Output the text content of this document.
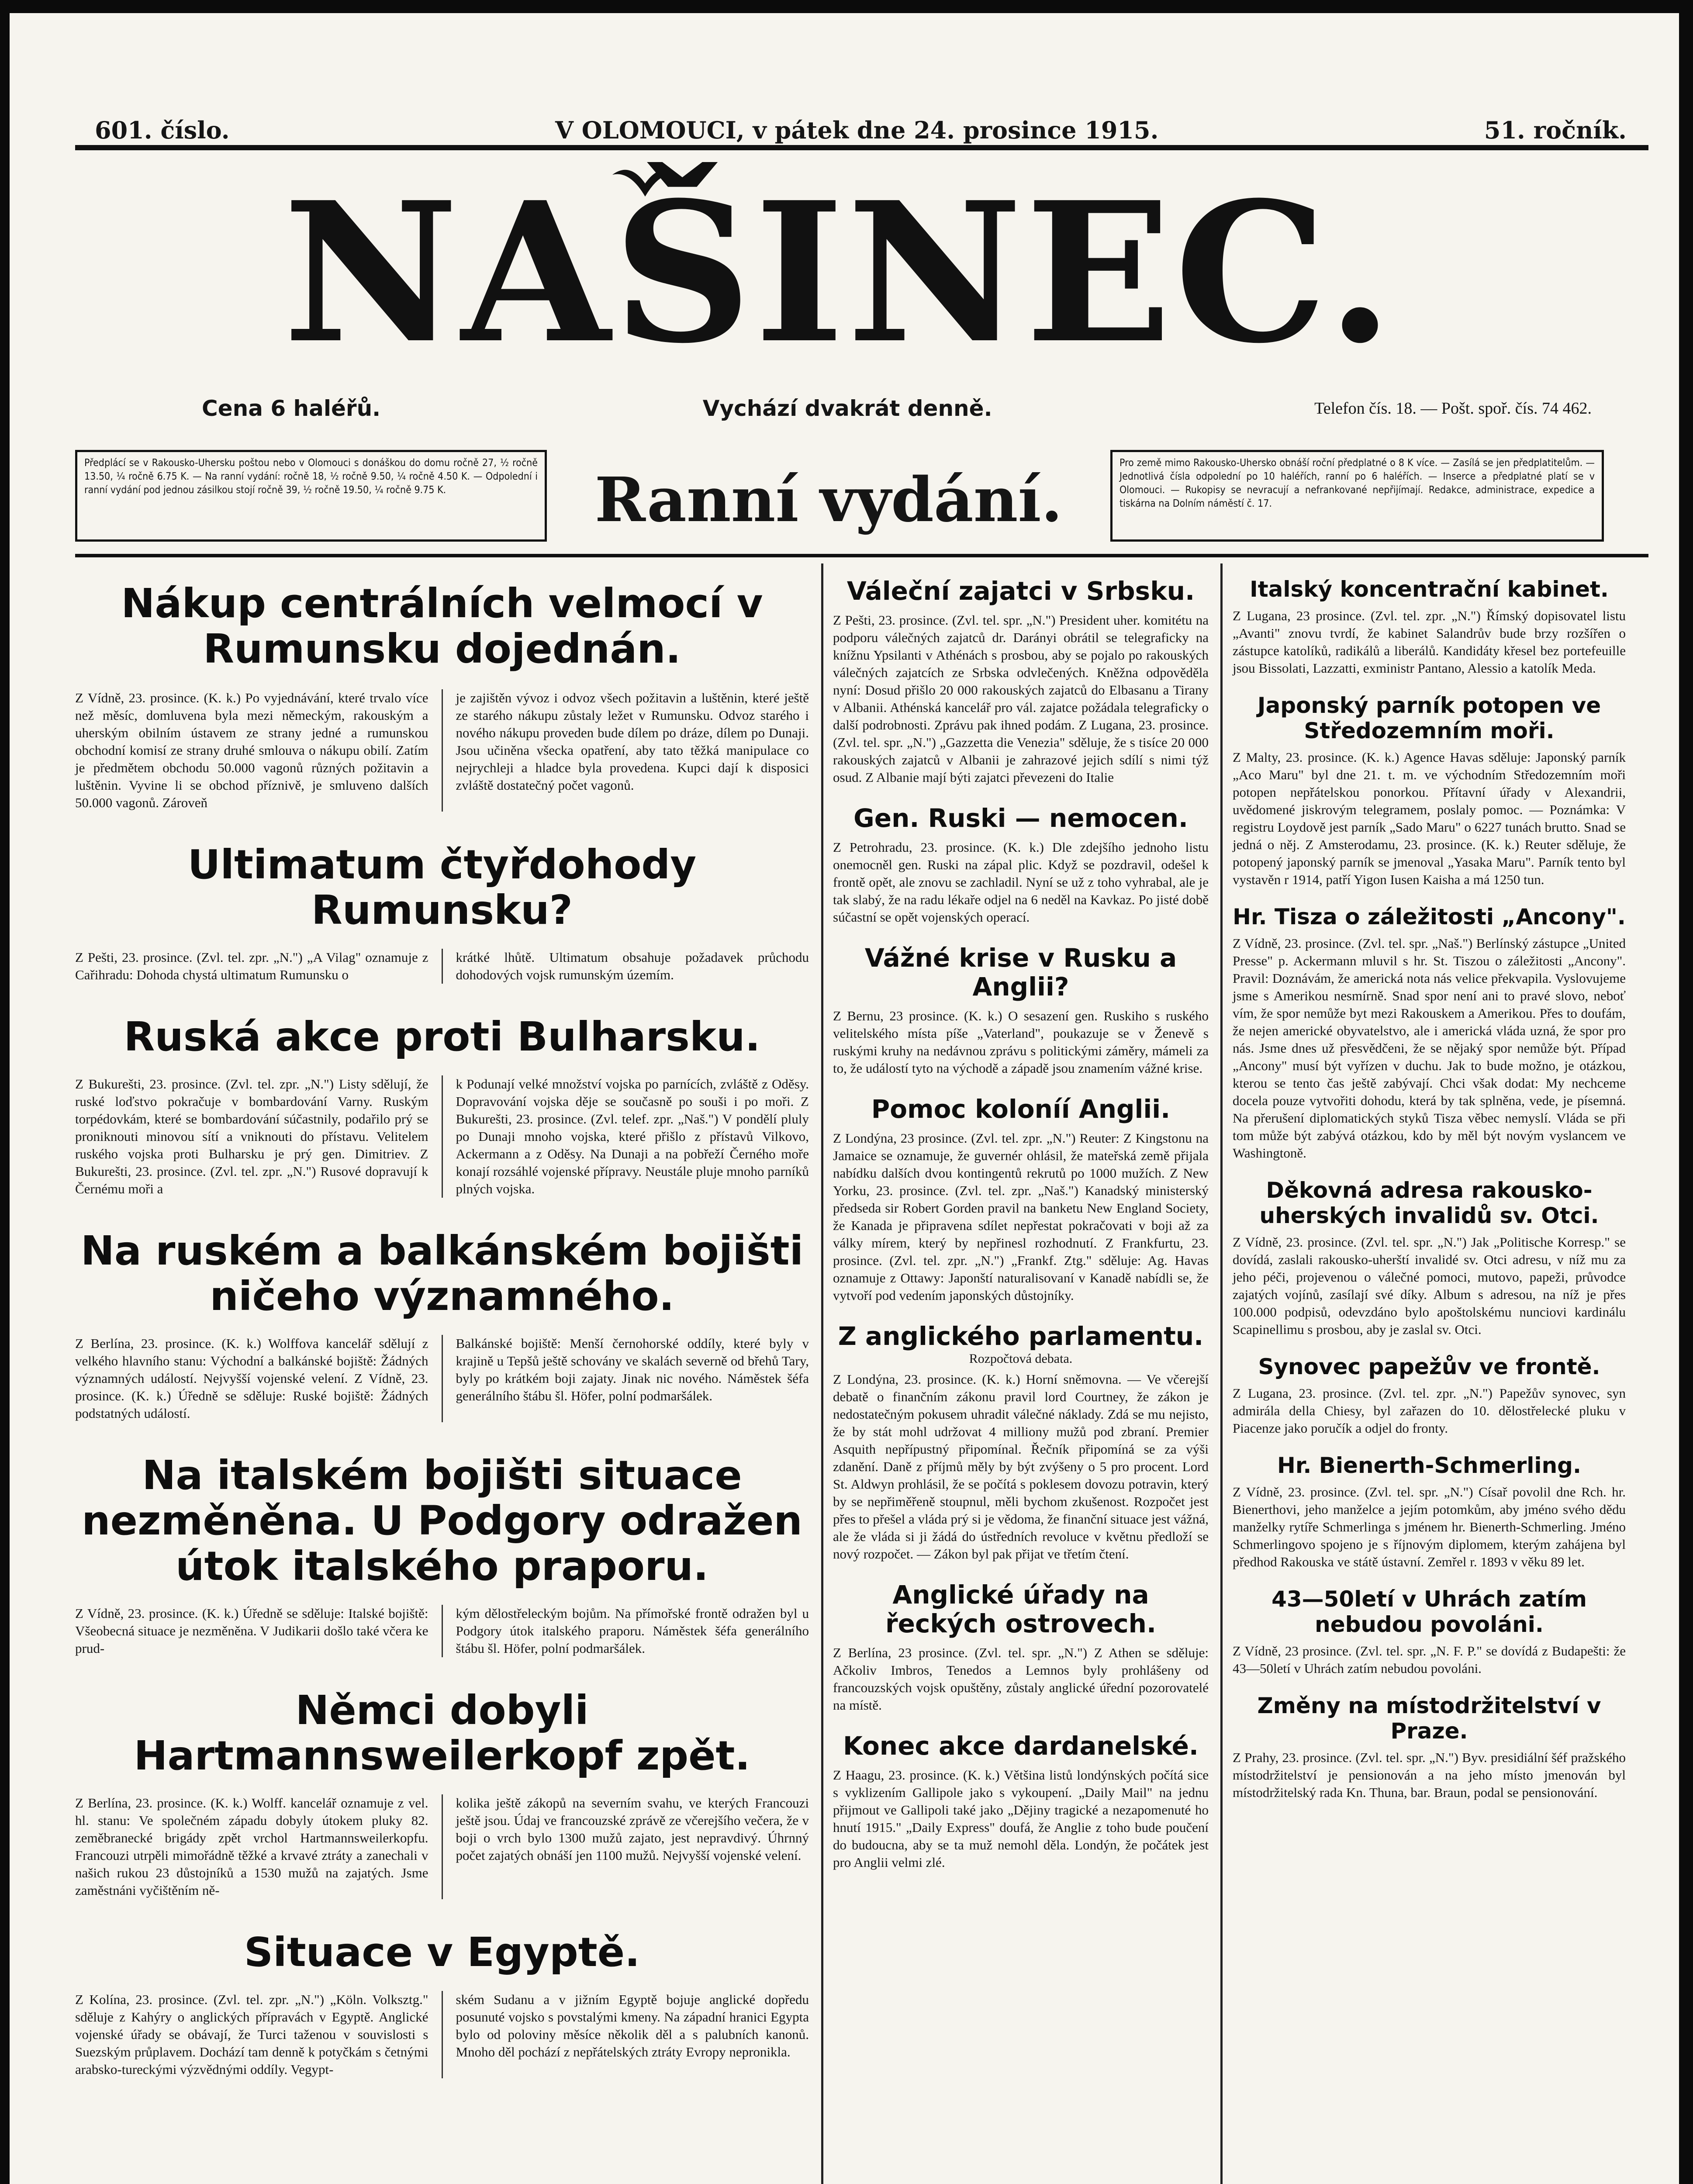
601. číslo.	V OLOMOUCI, v pátek dne 24. prosince 1915.	51. ročník.
NAŠINEC.
Cena 6 haléřů.	Vychází dvakrát denně.	Telefon čís. 18. — Pošt. spoř. čís. 74 462.
Předplácí se v Rakousko-Uhersku poštou nebo v Olomouci s donáškou do domu ročně 27, ½ ročně 13.50, ¼ ročně 6.75 K. — Na ranní vydání: ročně 18, ½ ročně 9.50, ¼ ročně 4.50 K. — Odpolední i ranní vydání pod jednou zásilkou stojí ročně 39, ½ ročně 19.50, ¼ ročně 9.75 K.	Ranní vydání.
Pro země mimo Rakousko-Uhersko obnáší roční předplatné o 8 K více. — Zasílá se jen předplatitelům. — Jednotlivá čísla odpolední po 10 haléřích, ranní po 6 haléřích. — Inserce a předplatné platí se v Olomouci. — Rukopisy se nevracují a nefrankované nepřijímají. Redakce, administrace, expedice a tiskárna na Dolním náměstí č. 17.
Nákup centrálních velmocí v Rumunsku dojednán.

Z Vídně, 23. prosince. (K. k.) Po vyjednávání, které trvalo více než měsíc, domluvena byla mezi německým, rakouským a uherským obilním ústavem ze strany jedné a rumunskou obchodní komisí ze strany druhé smlouva o nákupu obilí. Zatím je předmětem obchodu 50.000 vagonů různých požitavin a luštěnin. Vyvine li se obchod příznivě, je smluveno dalších 50.000 vagonů. Zároveň

je zajištěn vývoz i odvoz všech požitavin a luštěnin, které ještě ze starého nákupu zůstaly ležet v Rumunsku. Odvoz starého i nového nákupu proveden bude dílem po dráze, dílem po Dunaji. Jsou učiněna všecka opatření, aby tato těžká manipulace co nejrychleji a hladce byla provedena. Kupci dají k disposici zvláště dostatečný počet vagonů.

Ultimatum čtyřdohody Rumunsku?

Z Pešti, 23. prosince. (Zvl. tel. zpr. „N.") „A Vilag" oznamuje z Cařihradu: Dohoda chystá ultimatum Rumunsku o

krátké lhůtě. Ultimatum obsahuje požadavek průchodu dohodových vojsk rumunským územím.

Ruská akce proti Bulharsku.

Z Bukurešti, 23. prosince. (Zvl. tel. zpr. „N.") Listy sdělují, že ruské loďstvo pokračuje v bombardování Varny. Ruským torpédovkám, které se bombardování súčastnily, podařilo prý se proniknouti minovou sítí a vniknouti do přístavu. Velitelem ruského vojska proti Bulharsku je prý gen. Dimitriev. Z Bukurešti, 23. prosince. (Zvl. tel. zpr. „N.") Rusové dopravují k Černému moři a

k Podunají velké množství vojska po parnících, zvláště z Oděsy. Dopravování vojska děje se současně po souši i po moři. Z Bukurešti, 23. prosince. (Zvl. telef. zpr. „Naš.") V pondělí pluly po Dunaji mnoho vojska, které přišlo z přístavů Vilkovo, Ackermann a z Oděsy. Na Dunaji a na pobřeží Černého moře konají rozsáhlé vojenské přípravy. Neustále pluje mnoho parníků plných vojska.

Na ruském a balkánském bojišti ničeho významného.

Z Berlína, 23. prosince. (K. k.) Wolffova kancelář sdělují z velkého hlavního stanu: Východní a balkánské bojiště: Žádných významných událostí. Nejvyšší vojenské velení. Z Vídně, 23. prosince. (K. k.) Úředně se sděluje: Ruské bojiště: Žádných podstatných událostí.

Balkánské bojiště: Menší černohorské oddíly, které byly v krajině u Tepšů ještě schovány ve skalách severně od břehů Tary, byly po krátkém boji zajaty. Jinak nic nového. Náměstek šéfa generálního štábu šl. Höfer, polní podmaršálek.

Na italském bojišti situace nezměněna. U Podgory odražen útok italského praporu.

Z Vídně, 23. prosince. (K. k.) Úředně se sděluje: Italské bojiště: Všeobecná situace je nezměněna. V Judikarii došlo také včera ke prud-

kým dělostřeleckým bojům. Na přímořské frontě odražen byl u Podgory útok italského praporu. Náměstek šéfa generálního štábu šl. Höfer, polní podmaršálek.

Němci dobyli Hartmannsweilerkopf zpět.

Z Berlína, 23. prosince. (K. k.) Wolff. kancelář oznamuje z vel. hl. stanu: Ve společném západu dobyly útokem pluky 82. zeměbranecké brigády zpět vrchol Hartmannsweilerkopfu. Francouzi utrpěli mimořádně těžké a krvavé ztráty a zanechali v našich rukou 23 důstojníků a 1530 mužů na zajatých. Jsme zaměstnáni vyčištěním ně-

kolika ještě zákopů na severním svahu, ve kterých Francouzi ještě jsou. Údaj ve francouzské zprávě ze včerejšího večera, že v boji o vrch bylo 1300 mužů zajato, jest nepravdivý. Úhrnný počet zajatých obnáší jen 1100 mužů. Nejvyšší vojenské velení.

Situace v Egyptě.

Z Kolína, 23. prosince. (Zvl. tel. zpr. „N.") „Köln. Volksztg." sděluje z Kahýry o anglických přípravách v Egyptě. Anglické vojenské úřady se obávají, že Turci taženou v souvislosti s Suezským průplavem. Dochází tam denně k potyčkám s četnými arabsko-tureckými výzvědnými oddíly. Vegypt-

ském Sudanu a v jižním Egyptě bojuje anglické dopředu posunuté vojsko s povstalými kmeny. Na západní hranici Egypta bylo od poloviny měsíce několik děl a s palubních kanonů. Mnoho děl pochází z nepřátelských ztráty Evropy nepronikla.

Váleční zajatci v Srbsku.

Z Pešti, 23. prosince. (Zvl. tel. spr. „N.") President uher. komitétu na podporu válečných zajatců dr. Darányi obrátil se telegraficky na knížnu Ypsilanti v Athénách s prosbou, aby se pojalo po rakouských válečných zajatcích ze Srbska odvlečených. Kněžna odpověděla nyní: Dosud přišlo 20 000 rakouských zajatců do Elbasanu a Tirany v Albanii. Athénská kancelář pro vál. zajatce požádala telegraficky o další podrobnosti. Zprávu pak ihned podám. Z Lugana, 23. prosince. (Zvl. tel. spr. „N.") „Gazzetta die Venezia" sděluje, že s tisíce 20 000 rakouských zajatců v Albanii je zahrazové jejich sdílí s nimi týž osud. Z Albanie mají býti zajatci převezeni do Italie

Gen. Ruski — nemocen.

Z Petrohradu, 23. prosince. (K. k.) Dle zdejšího jednoho listu onemocněl gen. Ruski na zápal plic. Když se pozdravil, odešel k frontě opět, ale znovu se zachladil. Nyní se už z toho vyhrabal, ale je tak slabý, že na radu lékaře odjel na 6 neděl na Kavkaz. Po jisté době súčastní se opět vojenských operací.

Vážné krise v Rusku a Anglii?

Z Bernu, 23 prosince. (K. k.) O sesazení gen. Ruskiho s ruského velitelského místa píše „Vaterland", poukazuje se v Ženevě s ruskými kruhy na nedávnou zprávu s politickými záměry, mámeli za to, že událostí tyto na východě a západě jsou znamením vážné krise.

Pomoc koloníí Anglii.

Z Londýna, 23 prosince. (Zvl. tel. zpr. „N.") Reuter: Z Kingstonu na Jamaice se oznamuje, že guvernér ohlásil, že mateřská země přijala nabídku dalších dvou kontingentů rekrutů po 1000 mužích. Z New Yorku, 23. prosince. (Zvl. tel. zpr. „Naš.") Kanadský ministerský předseda sir Robert Gorden pravil na banketu New England Society, že Kanada je připravena sdílet nepřestat pokračovati v boji až za války mírem, který by nepřinesl rozhodnutí. Z Frankfurtu, 23. prosince. (Zvl. tel. zpr. „N.") „Frankf. Ztg." sděluje: Ag. Havas oznamuje z Ottawy: Japonští naturalisovaní v Kanadě nabídli se, že vytvoří pod vedením japonských důstojníky.

Z anglického parlamentu.

Rozpočtová debata.

Z Londýna, 23. prosince. (K. k.) Horní sněmovna. — Ve včerejší debatě o finančním zákonu pravil lord Courtney, že zákon je nedostatečným pokusem uhradit válečné náklady. Zdá se mu nejisto, že by stát mohl udržovat 4 milliony mužů pod zbraní. Premier Asquith nepřípustný připomínal. Řečník připomíná se za výši zdanění. Daně z příjmů měly by být zvýšeny o 5 pro procent. Lord St. Aldwyn prohlásil, že se počítá s poklesem dovozu potravin, který by se nepřiměřeně stoupnul, měli bychom zkušenost. Rozpočet jest přes to přešel a vláda prý si je vědoma, že finanční situace jest vážná, ale že vláda si ji žádá do ústředních revoluce v květnu předloží se nový rozpočet. — Zákon byl pak přijat ve třetím čtení.

Anglické úřady na řeckých ostrovech.

Z Berlína, 23 prosince. (Zvl. tel. spr. „N.") Z Athen se sděluje: Ačkoliv Imbros, Tenedos a Lemnos byly prohlášeny od francouzských vojsk opuštěny, zůstaly anglické úřední pozorovatelé na místě.

Konec akce dardanelské.

Z Haagu, 23. prosince. (K. k.) Většina listů londýnských počítá sice s vyklizením Gallipole jako s vykoupení. „Daily Mail" na jednu přijmout ve Gallipoli také jako „Dějiny tragické a nezapomenuté ho hnutí 1915." „Daily Express" doufá, že Anglie z toho bude poučení do budoucna, aby se ta muž nemohl děla. Londýn, že počátek jest pro Anglii velmi zlé.

Italský koncentrační kabinet.

Z Lugana, 23 prosince. (Zvl. tel. zpr. „N.") Římský dopisovatel listu „Avanti" znovu tvrdí, že kabinet Salandrův bude brzy rozšířen o zástupce katolíků, radikálů a liberálů. Kandidáty křesel bez portefeuille jsou Bissolati, Lazzatti, exministr Pantano, Alessio a katolík Meda.

Japonský parník potopen ve Středozemním moři.

Z Malty, 23. prosince. (K. k.) Agence Havas sděluje: Japonský parník „Aco Maru" byl dne 21. t. m. ve východním Středozemním moři potopen nepřátelskou ponorkou. Přítavní úřady v Alexandrii, uvědomené jiskrovým telegramem, poslaly pomoc. — Poznámka: V registru Loydově jest parník „Sado Maru" o 6227 tunách brutto. Snad se jedná o něj. Z Amsterodamu, 23. prosince. (K. k.) Reuter sděluje, že potopený japonský parník se jmenoval „Yasaka Maru". Parník tento byl vystavěn r 1914, patří Yigon Iusen Kaisha a má 1250 tun.

Hr. Tisza o záležitosti „Ancony".

Z Vídně, 23. prosince. (Zvl. tel. spr. „Naš.") Berlínský zástupce „United Presse" p. Ackermann mluvil s hr. St. Tiszou o záležitosti „Ancony". Pravil: Doznávám, že americká nota nás velice překvapila. Vyslovujeme jsme s Amerikou nesmírně. Snad spor není ani to pravé slovo, neboť vím, že spor nemůže byt mezi Rakouskem a Amerikou. Přes to doufám, že nejen americké obyvatelstvo, ale i americká vláda uzná, že spor pro nás. Jsme dnes už přesvědčeni, že se nějaký spor nemůže být. Případ „Ancony" musí být vyřízen v duchu. Jak to bude možno, je otázkou, kterou se tento čas ještě zabývají. Chci však dodat: My nechceme docela pouze vytvořiti dohodu, která by tak splněna, vede, je písemná. Na přerušení diplomatických styků Tisza věbec nemyslí. Vláda se při tom může být zabývá otázkou, kdo by měl být novým vyslancem ve Washingtoně.

Děkovná adresa rakousko-uherských invalidů sv. Otci.

Z Vídně, 23. prosince. (Zvl. tel. spr. „N.") Jak „Politische Korresp." se dovídá, zaslali rakousko-uherští invalidé sv. Otci adresu, v níž mu za jeho péči, projevenou o válečné pomoci, mutovo, papeži, průvodce zajatých vojínů, zasílají své díky. Album s adresou, na níž je přes 100.000 podpisů, odevzdáno bylo apoštolskému nunciovi kardinálu Scapinellimu s prosbou, aby je zaslal sv. Otci.

Synovec papežův ve frontě.

Z Lugana, 23. prosince. (Zvl. tel. zpr. „N.") Papežův synovec, syn admirála della Chiesy, byl zařazen do 10. dělostřelecké pluku v Piacenze jako poručík a odjel do fronty.

Hr. Bienerth-Schmerling.

Z Vídně, 23. prosince. (Zvl. tel. spr. „N.") Císař povolil dne Rch. hr. Bienerthovi, jeho manželce a jejím potomkům, aby jméno svého dědu manželky rytíře Schmerlinga s jménem hr. Bienerth-Schmerling. Jméno Schmerlingovo spojeno je s říjnovým diplomem, kterým zahájena byl předhod Rakouska ve státě ústavní. Zemřel r. 1893 v věku 89 let.

43—50letí v Uhrách zatím nebudou povoláni.

Z Vídně, 23 prosince. (Zvl. tel. spr. „N. F. P." se dovídá z Budapešti: že 43—50letí v Uhrách zatím nebudou povoláni.

Změny na místodržitelství v Praze.

Z Prahy, 23. prosince. (Zvl. tel. spr. „N.") Byv. presidiální šéf pražského místodržitelství je pensionován a na jeho místo jmenován byl místodržitelský rada Kn. Thuna, bar. Braun, podal se pensionování.
